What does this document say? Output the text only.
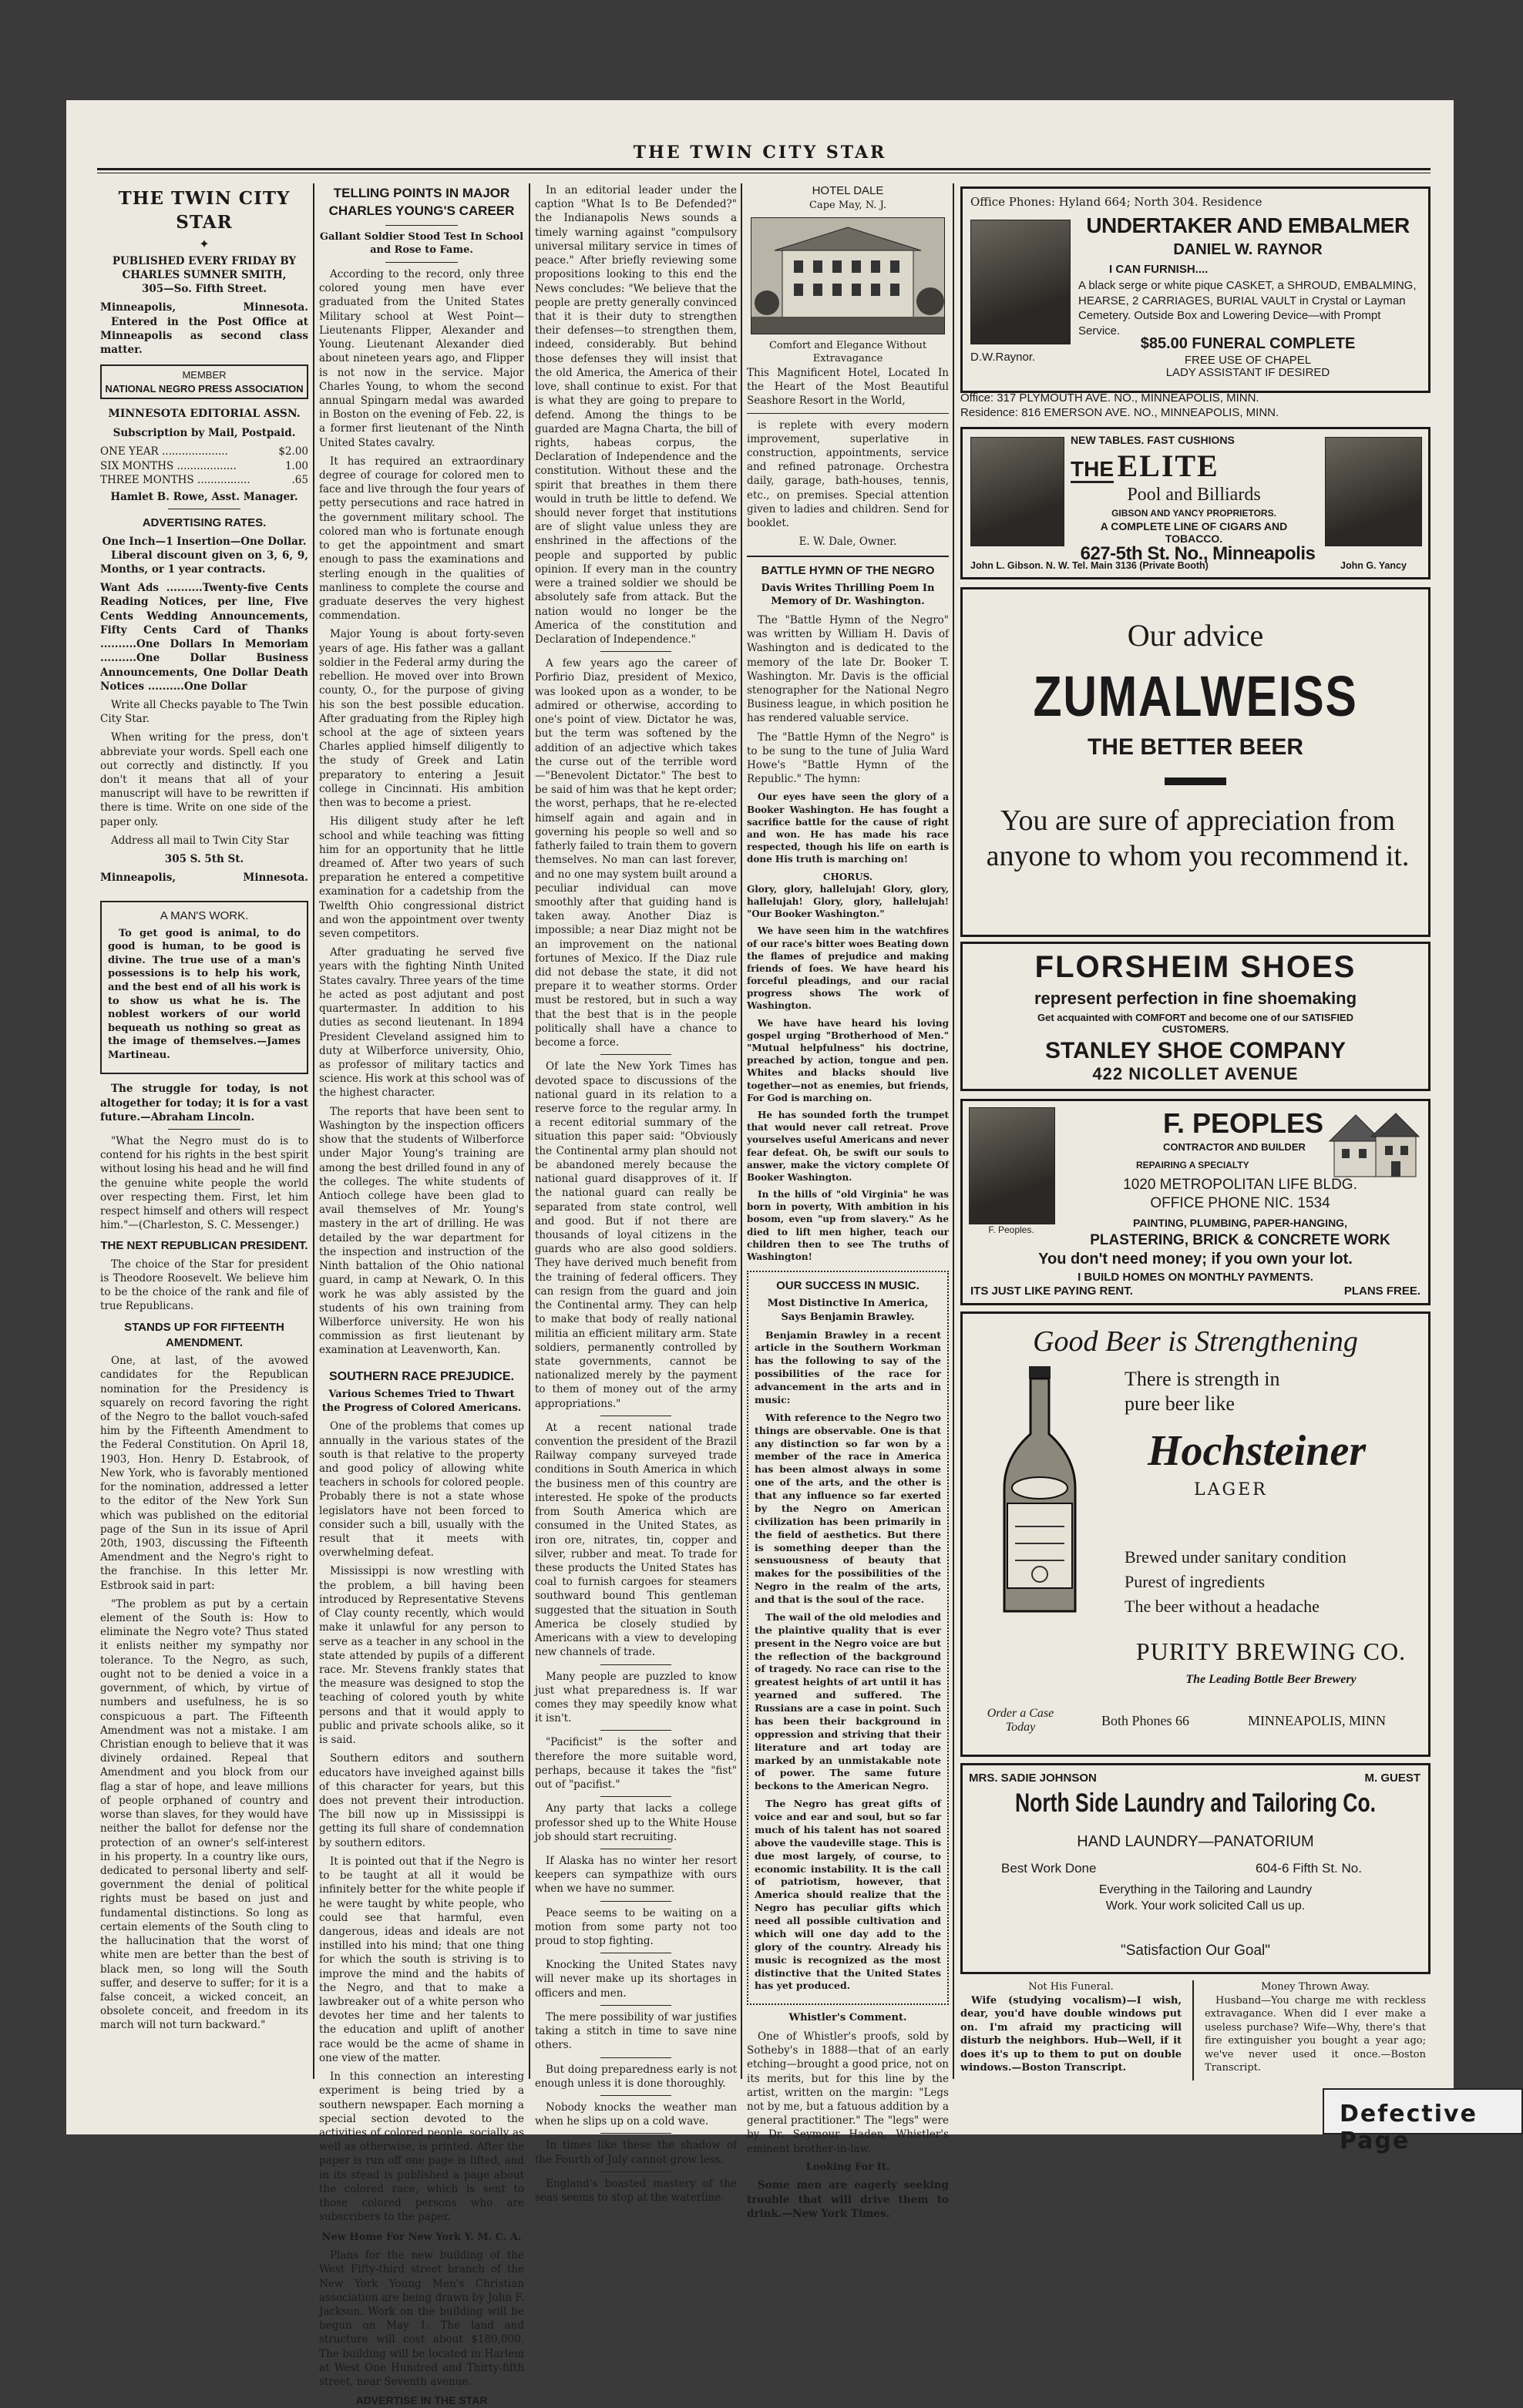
THE TWIN CITY STAR
THE TWIN CITY STAR
✦
PUBLISHED EVERY FRIDAY BY
CHARLES SUMNER SMITH,
305—So. Fifth Street.
Minneapolis,	Minnesota.

Entered in the Post Office at Minneapolis as second class matter.

MEMBER
NATIONAL NEGRO PRESS ASSOCIATION
MINNESOTA EDITORIAL ASSN.
Subscription by Mail, Postpaid.
ONE YEAR ....................	$2.00
SIX MONTHS ..................	1.00
THREE MONTHS ................	.65
Hamlet B. Rowe, Asst. Manager.
ADVERTISING RATES.
One Inch—1 Insertion—One Dollar.

Liberal discount given on 3, 6, 9, Months, or 1 year contracts.

Want Ads ..........Twenty-five Cents Reading Notices, per line, Five Cents Wedding Announcements, Fifty Cents Card of Thanks ..........One Dollars In Memoriam ..........One Dollar Business Announcements, One Dollar Death Notices ..........One Dollar

Write all Checks payable to The Twin City Star.

When writing for the press, don't abbreviate your words. Spell each one out correctly and distinctly. If you don't it means that all of your manuscript will have to be rewritten if there is time. Write on one side of the paper only.

Address all mail to Twin City Star

305 S. 5th St.
Minneapolis,	Minnesota.
A MAN'S WORK.

To get good is animal, to do good is human, to be good is divine. The true use of a man's possessions is to help his work, and the best end of all his work is to show us what he is. The noblest workers of our world bequeath us nothing so great as the image of themselves.—James Martineau.

The struggle for today, is not altogether for today; it is for a vast future.—Abraham Lincoln.

"What the Negro must do is to contend for his rights in the best spirit without losing his head and he will find the genuine white people the world over respecting them. First, let him respect himself and others will respect him."—(Charleston, S. C. Messenger.)

THE NEXT REPUBLICAN PRESIDENT.

The choice of the Star for president is Theodore Roosevelt. We believe him to be the choice of the rank and file of true Republicans.

STANDS UP FOR FIFTEENTH AMENDMENT.

One, at last, of the avowed candidates for the Republican nomination for the Presidency is squarely on record favoring the right of the Negro to the ballot vouch-safed him by the Fifteenth Amendment to the Federal Constitution. On April 18, 1903, Hon. Henry D. Estabrook, of New York, who is favorably mentioned for the nomination, addressed a letter to the editor of the New York Sun which was published on the editorial page of the Sun in its issue of April 20th, 1903, discussing the Fifteenth Amendment and the Negro's right to the franchise. In this letter Mr. Estbrook said in part:

"The problem as put by a certain element of the South is: How to eliminate the Negro vote? Thus stated it enlists neither my sympathy nor tolerance. To the Negro, as such, ought not to be denied a voice in a government, of which, by virtue of numbers and usefulness, he is so conspicuous a part. The Fifteenth Amendment was not a mistake. I am Christian enough to believe that it was divinely ordained. Repeal that Amendment and you block from our flag a star of hope, and leave millions of people orphaned of country and worse than slaves, for they would have neither the ballot for defense nor the protection of an owner's self-interest in his property. In a country like ours, dedicated to personal liberty and self-government the denial of political rights must be based on just and fundamental distinctions. So long as certain elements of the South cling to the hallucination that the worst of white men are better than the best of black men, so long will the South suffer, and deserve to suffer; for it is a false conceit, a wicked conceit, an obsolete conceit, and freedom in its march will not turn backward."

TELLING POINTS IN MAJOR CHARLES YOUNG'S CAREER
Gallant Soldier Stood Test In School and Rose to Fame.

According to the record, only three colored young men have ever graduated from the United States Military school at West Point—Lieutenants Flipper, Alexander and Young. Lieutenant Alexander died about nineteen years ago, and Flipper is not now in the service. Major Charles Young, to whom the second annual Spingarn medal was awarded in Boston on the evening of Feb. 22, is a former first lieutenant of the Ninth United States cavalry.

It has required an extraordinary degree of courage for colored men to face and live through the four years of petty persecutions and race hatred in the government military school. The colored man who is fortunate enough to get the appointment and smart enough to pass the examinations and sterling enough in the qualities of manliness to complete the course and graduate deserves the very highest commendation.

Major Young is about forty-seven years of age. His father was a gallant soldier in the Federal army during the rebellion. He moved over into Brown county, O., for the purpose of giving his son the best possible education. After graduating from the Ripley high school at the age of sixteen years Charles applied himself diligently to the study of Greek and Latin preparatory to entering a Jesuit college in Cincinnati. His ambition then was to become a priest.

His diligent study after he left school and while teaching was fitting him for an opportunity that he little dreamed of. After two years of such preparation he entered a competitive examination for a cadetship from the Twelfth Ohio congressional district and won the appointment over twenty seven competitors.

After graduating he served five years with the fighting Ninth United States cavalry. Three years of the time he acted as post adjutant and post quartermaster. In addition to his duties as second lieutenant. In 1894 President Cleveland assigned him to duty at Wilberforce university, Ohio, as professor of military tactics and science. His work at this school was of the highest character.

The reports that have been sent to Washington by the inspection officers show that the students of Wilberforce under Major Young's training are among the best drilled found in any of the colleges. The white students of Antioch college have been glad to avail themselves of Mr. Young's mastery in the art of drilling. He was detailed by the war department for the inspection and instruction of the Ninth battalion of the Ohio national guard, in camp at Newark, O. In this work he was ably assisted by the students of his own training from Wilberforce university. He won his commission as first lieutenant by examination at Leavenworth, Kan.

SOUTHERN RACE PREJUDICE.
Various Schemes Tried to Thwart the Progress of Colored Americans.

One of the problems that comes up annually in the various states of the south is that relative to the property and good policy of allowing white teachers in schools for colored people. Probably there is not a state whose legislators have not been forced to consider such a bill, usually with the result that it meets with overwhelming defeat.

Mississippi is now wrestling with the problem, a bill having been introduced by Representative Stevens of Clay county recently, which would make it unlawful for any person to serve as a teacher in any school in the state attended by pupils of a different race. Mr. Stevens frankly states that the measure was designed to stop the teaching of colored youth by white persons and that it would apply to public and private schools alike, so it is said.

Southern editors and southern educators have inveighed against bills of this character for years, but this does not prevent their introduction. The bill now up in Mississippi is getting its full share of condemnation by southern editors.

It is pointed out that if the Negro is to be taught at all it would be infinitely better for the white people if he were taught by white people, who could see that harmful, even dangerous, ideas and ideals are not instilled into his mind; that one thing for which the south is striving is to improve the mind and the habits of the Negro, and that to make a lawbreaker out of a white person who devotes her time and her talents to the education and uplift of another race would be the acme of shame in one view of the matter.

In this connection an interesting experiment is being tried by a southern newspaper. Each morning a special section devoted to the activities of colored people, socially as well as otherwise, is printed. After the paper is run off one page is lifted, and in its stead is published a page about the colored race, which is sent to those colored persons who are subscribers to the paper.

New Home For New York Y. M. C. A.

Plans for the new building of the West Fifty-third street branch of the New York Young Men's Christian association are being drawn by John F. Jackson. Work on the building will be begun on May 1. The land and structure will cost about $180,000. The building will be located in Harlem at West One Hundred and Thirty-fifth street, near Seventh avenue.

ADVERTISE IN THE STAR

In an editorial leader under the caption "What Is to Be Defended?" the Indianapolis News sounds a timely warning against "compulsory universal military service in times of peace." After briefly reviewing some propositions looking to this end the News concludes: "We believe that the people are pretty generally convinced that it is their duty to strengthen their defenses—to strengthen them, indeed, considerably. But behind those defenses they will insist that the old America, the America of their love, shall continue to exist. For that is what they are going to prepare to defend. Among the things to be guarded are Magna Charta, the bill of rights, habeas corpus, the Declaration of Independence and the constitution. Without these and the spirit that breathes in them there would in truth be little to defend. We should never forget that institutions are of slight value unless they are enshrined in the affections of the people and supported by public opinion. If every man in the country were a trained soldier we should be absolutely safe from attack. But the nation would no longer be the America of the constitution and Declaration of Independence."

A few years ago the career of Porfirio Diaz, president of Mexico, was looked upon as a wonder, to be admired or otherwise, according to one's point of view. Dictator he was, but the term was softened by the addition of an adjective which takes the curse out of the terrible word—"Benevolent Dictator." The best to be said of him was that he kept order; the worst, perhaps, that he re-elected himself again and again and in governing his people so well and so fatherly failed to train them to govern themselves. No man can last forever, and no one may system built around a peculiar individual can move smoothly after that guiding hand is taken away. Another Diaz is impossible; a near Diaz might not be an improvement on the national fortunes of Mexico. If the Diaz rule did not debase the state, it did not prepare it to weather storms. Order must be restored, but in such a way that the best that is in the people politically shall have a chance to become a force.

Of late the New York Times has devoted space to discussions of the national guard in its relation to a reserve force to the regular army. In a recent editorial summary of the situation this paper said: "Obviously the Continental army plan should not be abandoned merely because the national guard disapproves of it. If the national guard can really be separated from state control, well and good. But if not there are thousands of loyal citizens in the guards who are also good soldiers. They have derived much benefit from the training of federal officers. They can resign from the guard and join the Continental army. They can help to make that body of really national militia an efficient military arm. State soldiers, permanently controlled by state governments, cannot be nationalized merely by the payment to them of money out of the army appropriations."

At a recent national trade convention the president of the Brazil Railway company surveyed trade conditions in South America in which the business men of this country are interested. He spoke of the products from South America which are consumed in the United States, as iron ore, nitrates, tin, copper and silver, rubber and meat. To trade for these products the United States has coal to furnish cargoes for steamers southward bound This gentleman suggested that the situation in South America be closely studied by Americans with a view to developing new channels of trade.

Many people are puzzled to know just what preparedness is. If war comes they may speedily know what it isn't.

"Pacificist" is the softer and therefore the more suitable word, perhaps, because it takes the "fist" out of "pacifist."

Any party that lacks a college professor shed up to the White House job should start recruiting.

If Alaska has no winter her resort keepers can sympathize with ours when we have no summer.

Peace seems to be waiting on a motion from some party not too proud to stop fighting.

Knocking the United States navy will never make up its shortages in officers and men.

The mere possibility of war justifies taking a stitch in time to save nine others.

But doing preparedness early is not enough unless it is done thoroughly.

Nobody knocks the weather man when he slips up on a cold wave.

In times like these the shadow of the Fourth of July cannot grow less.

England's boasted mastery of the seas seems to stop at the waterline.

HOTEL DALE
Cape May, N. J.
Comfort and Elegance Without Extravagance

This Magnificent Hotel, Located In the Heart of the Most Beautiful Seashore Resort in the World,

is replete with every modern improvement, superlative in construction, appointments, service and refined patronage. Orchestra daily, garage, bath-houses, tennis, etc., on premises. Special attention given to ladies and children. Send for booklet.

E. W. Dale, Owner.
BATTLE HYMN OF THE NEGRO
Davis Writes Thrilling Poem In Memory of Dr. Washington.

The "Battle Hymn of the Negro" was written by William H. Davis of Washington and is dedicated to the memory of the late Dr. Booker T. Washington. Mr. Davis is the official stenographer for the National Negro Business league, in which position he has rendered valuable service.

The "Battle Hymn of the Negro" is to be sung to the tune of Julia Ward Howe's "Battle Hymn of the Republic." The hymn:

Our eyes have seen the glory of a Booker Washington. He has fought a sacrifice battle for the cause of right and won. He has made his race respected, though his life on earth is done His truth is marching on!

CHORUS.

Glory, glory, hallelujah! Glory, glory, hallelujah! Glory, glory, hallelujah! "Our Booker Washington."

We have seen him in the watchfires of our race's bitter woes Beating down the flames of prejudice and making friends of foes. We have heard his forceful pleadings, and our racial progress shows The work of Washington.

We have have heard his loving gospel urging "Brotherhood of Men." "Mutual helpfulness" his doctrine, preached by action, tongue and pen. Whites and blacks should live together—not as enemies, but friends, For God is marching on.

He has sounded forth the trumpet that would never call retreat. Prove yourselves useful Americans and never fear defeat. Oh, be swift our souls to answer, make the victory complete Of Booker Washington.

In the hills of "old Virginia" he was born in poverty, With ambition in his bosom, even "up from slavery." As he died to lift men higher, teach our children then to see The truths of Washington!

OUR SUCCESS IN MUSIC.
Most Distinctive In America, Says Benjamin Brawley.

Benjamin Brawley in a recent article in the Southern Workman has the following to say of the possibilities of the race for advancement in the arts and in music:

With reference to the Negro two things are observable. One is that any distinction so far won by a member of the race in America has been almost always in some one of the arts, and the other is that any influence so far exerted by the Negro on American civilization has been primarily in the field of aesthetics. But there is something deeper than the sensuousness of beauty that makes for the possibilities of the Negro in the realm of the arts, and that is the soul of the race.

The wail of the old melodies and the plaintive quality that is ever present in the Negro voice are but the reflection of the background of tragedy. No race can rise to the greatest heights of art until it has yearned and suffered. The Russians are a case in point. Such has been their background in oppression and striving that their literature and art today are marked by an unmistakable note of power. The same future beckons to the American Negro.

The Negro has great gifts of voice and ear and soul, but so far much of his talent has not soared above the vaudeville stage. This is due most largely, of course, to economic instability. It is the call of patriotism, however, that America should realize that the Negro has peculiar gifts which need all possible cultivation and which will one day add to the glory of the country. Already his music is recognized as the most distinctive that the United States has yet produced.

Whistler's Comment.

One of Whistler's proofs, sold by Sotheby's in 1888—that of an early etching—brought a good price, not on its merits, but for this line by the artist, written on the margin: "Legs not by me, but a fatuous addition by a general practitioner." The "legs" were by Dr. Seymour Haden, Whistler's eminent brother-in-law.

Looking For It.

Some men are eagerly seeking trouble that will drive them to drink.—New York Times.

Office Phones: Hyland 664; North 304. Residence
UNDERTAKER AND EMBALMER
DANIEL W. RAYNOR
I CAN FURNISH....
A black serge or white pique CASKET, a SHROUD, EMBALMING, HEARSE, 2 CARRIAGES, BURIAL VAULT in Crystal or Layman Cemetery. Outside Box and Lowering Device—with Prompt Service.
$85.00 FUNERAL COMPLETE
D.W.Raynor.	FREE USE OF CHAPEL
LADY ASSISTANT IF DESIRED
Office: 317 PLYMOUTH AVE. NO., MINNEAPOLIS, MINN.
Residence: 816 EMERSON AVE. NO., MINNEAPOLIS, MINN.
NEW TABLES. FAST CUSHIONS
THE ELITE
Pool and Billiards
GIBSON AND YANCY PROPRIETORS.
A COMPLETE LINE OF CIGARS AND TOBACCO.
627-5th St. No., Minneapolis
John L. Gibson. N. W. Tel. Main 3136 (Private Booth)	John G. Yancy
Our advice
ZUMALWEISS
THE BETTER BEER
You are sure of appreciation from anyone to whom you recommend it.
FLORSHEIM SHOES
represent perfection in fine shoemaking
Get acquainted with COMFORT and become one of our SATISFIED CUSTOMERS.
STANLEY SHOE COMPANY
422 NICOLLET AVENUE
F. Peoples.
F. PEOPLES
CONTRACTOR AND BUILDER
REPAIRING A SPECIALTY
1020 METROPOLITAN LIFE BLDG.
OFFICE PHONE NIC. 1534
PAINTING, PLUMBING, PAPER-HANGING,
PLASTERING, BRICK & CONCRETE WORK
You don't need money; if you own your lot.
I BUILD HOMES ON MONTHLY PAYMENTS.
ITS JUST LIKE PAYING RENT.	PLANS FREE.
Good Beer is Strengthening
There is strength in
pure beer like
Hochsteiner
LAGER
Brewed under sanitary condition
Purest of ingredients
The beer without a headache
PURITY BREWING CO.
The Leading Bottle Beer Brewery
Order a Case Today	Both Phones 66	MINNEAPOLIS, MINN
MRS. SADIE JOHNSON	M. GUEST
North Side Laundry and Tailoring Co.
HAND LAUNDRY—PANATORIUM
Best Work Done	604-6 Fifth St. No.
Everything in the Tailoring and Laundry Work. Your work solicited Call us up.
"Satisfaction Our Goal"
Not His Funeral.

Wife (studying vocalism)—I wish, dear, you'd have double windows put on. I'm afraid my practicing will disturb the neighbors. Hub—Well, if it does it's up to them to put on double windows.—Boston Transcript.

Money Thrown Away.

Husband—You charge me with reckless extravagance. When did I ever make a useless purchase? Wife—Why, there's that fire extinguisher you bought a year ago; we've never used it once.—Boston Transcript.

Defective Page
